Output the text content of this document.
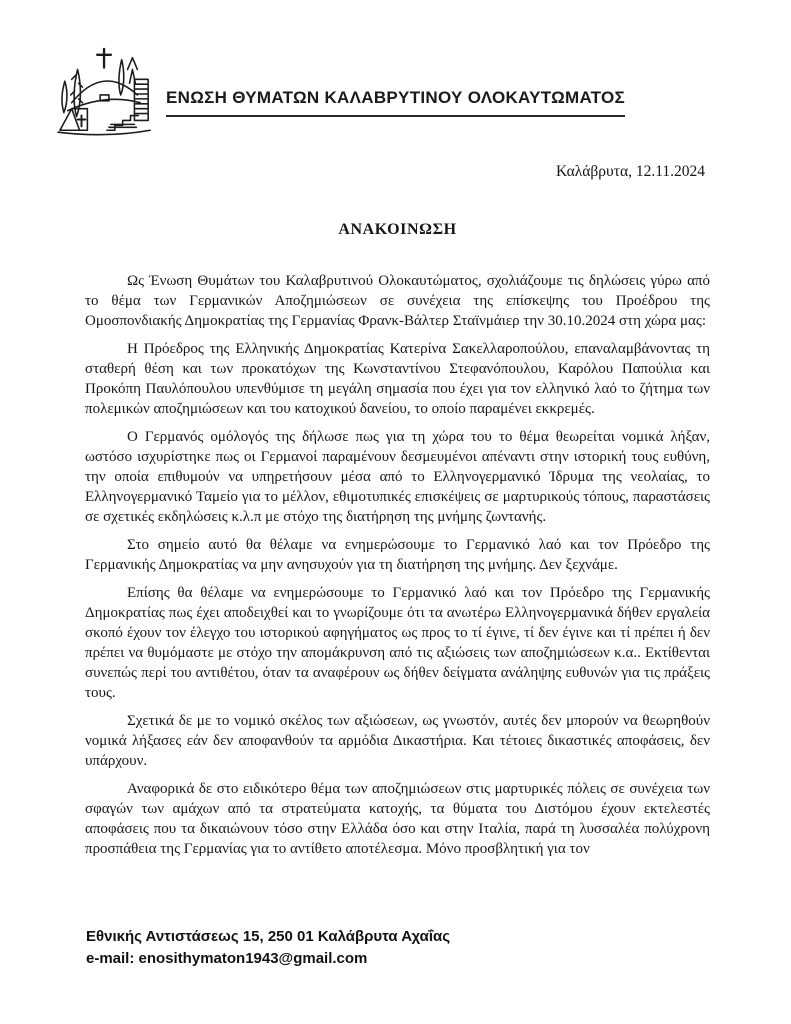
ΕΝΩΣΗ ΘΥΜΑΤΩΝ ΚΑΛΑΒΡΥΤΙΝΟΥ ΟΛΟΚΑΥΤΩΜΑΤΟΣ
Καλάβρυτα, 12.11.2024
ΑΝΑΚΟΙΝΩΣΗ

Ως Ένωση Θυμάτων του Καλαβρυτινού Ολοκαυτώματος, σχολιάζουμε τις δηλώσεις γύρω από το θέμα των Γερμανικών Αποζημιώσεων σε συνέχεια της επίσκεψης του Προέδρου της Ομοσπονδιακής Δημοκρατίας της Γερμανίας Φρανκ-Βάλτερ Σταϊνμάιερ την 30.10.2024 στη χώρα μας:

Η Πρόεδρος της Ελληνικής Δημοκρατίας Κατερίνα Σακελλαροπούλου, επαναλαμβάνοντας τη σταθερή θέση και των προκατόχων της Κωνσταντίνου Στεφανόπουλου, Καρόλου Παπούλια και Προκόπη Παυλόπουλου υπενθύμισε τη μεγάλη σημασία που έχει για τον ελληνικό λαό το ζήτημα των πολεμικών αποζημιώσεων και του κατοχικού δανείου, το οποίο παραμένει εκκρεμές.

Ο Γερμανός ομόλογός της δήλωσε πως για τη χώρα του το θέμα θεωρείται νομικά λήξαν, ωστόσο ισχυρίστηκε πως οι Γερμανοί παραμένουν δεσμευμένοι απέναντι στην ιστορική τους ευθύνη, την οποία επιθυμούν να υπηρετήσουν μέσα από το Ελληνογερμανικό Ίδρυμα της νεολαίας, το Ελληνογερμανικό Ταμείο για το μέλλον, εθιμοτυπικές επισκέψεις σε μαρτυρικούς τόπους, παραστάσεις σε σχετικές εκδηλώσεις κ.λ.π με στόχο της διατήρηση της μνήμης ζωντανής.

Στο σημείο αυτό θα θέλαμε να ενημερώσουμε το Γερμανικό λαό και τον Πρόεδρο της Γερμανικής Δημοκρατίας να μην ανησυχούν για τη διατήρηση της μνήμης. Δεν ξεχνάμε.

Επίσης θα θέλαμε να ενημερώσουμε το Γερμανικό λαό και τον Πρόεδρο της Γερμανικής Δημοκρατίας πως έχει αποδειχθεί και το γνωρίζουμε ότι τα ανωτέρω Ελληνογερμανικά δήθεν εργαλεία σκοπό έχουν τον έλεγχο του ιστορικού αφηγήματος ως προς το τί έγινε, τί δεν έγινε και τί πρέπει ή δεν πρέπει να θυμόμαστε με στόχο την απομάκρυνση από τις αξιώσεις των αποζημιώσεων κ.α.. Εκτίθενται συνεπώς περί του αντιθέτου, όταν τα αναφέρουν ως δήθεν δείγματα ανάληψης ευθυνών για τις πράξεις τους.

Σχετικά δε με το νομικό σκέλος των αξιώσεων, ως γνωστόν, αυτές δεν μπορούν να θεωρηθούν νομικά λήξασες εάν δεν αποφανθούν τα αρμόδια Δικαστήρια. Και τέτοιες δικαστικές αποφάσεις, δεν υπάρχουν.

Αναφορικά δε στο ειδικότερο θέμα των αποζημιώσεων στις μαρτυρικές πόλεις σε συνέχεια των σφαγών των αμάχων από τα στρατεύματα κατοχής, τα θύματα του Διστόμου έχουν εκτελεστές αποφάσεις που τα δικαιώνουν τόσο στην Ελλάδα όσο και στην Ιταλία, παρά τη λυσσαλέα πολύχρονη προσπάθεια της Γερμανίας για το αντίθετο αποτέλεσμα. Μόνο προσβλητική για τον

Εθνικής Αντιστάσεως 15, 250 01 Καλάβρυτα Αχαΐας
e-mail: enosithymaton1943@gmail.com
